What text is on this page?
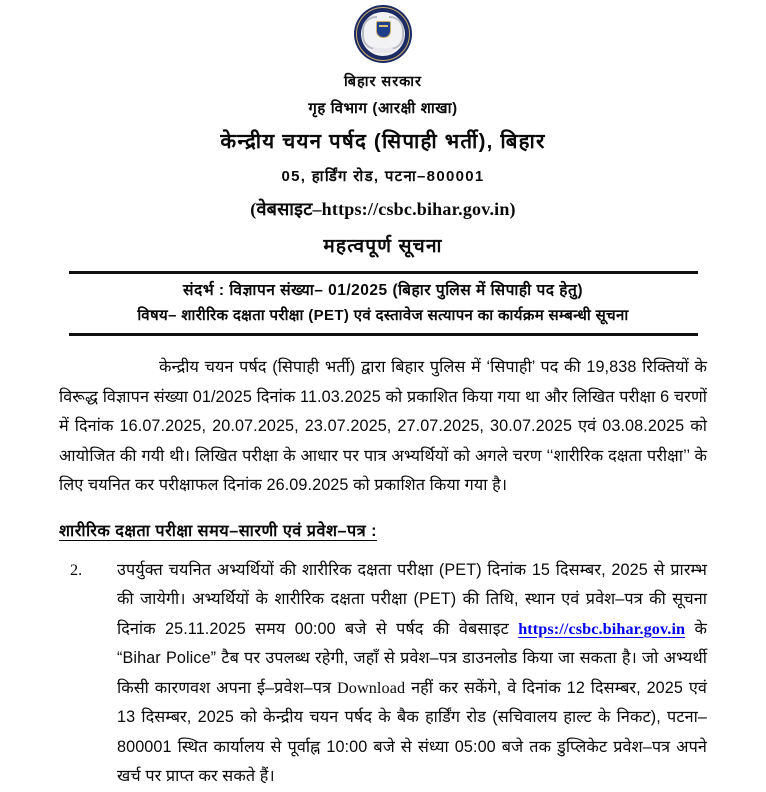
बिहार सरकार
गृह विभाग (आरक्षी शाखा)
केन्द्रीय चयन पर्षद (सिपाही भर्ती), बिहार
05, हार्डिंग रोड, पटना–800001
(वेबसाइट–https://csbc.bihar.gov.in)
महत्वपूर्ण सूचना
संदर्भ : विज्ञापन संख्या– 01/2025 (बिहार पुलिस में सिपाही पद हेतु)
विषय– शारीरिक दक्षता परीक्षा (PET) एवं दस्तावेज सत्यापन का कार्यक्रम सम्बन्धी सूचना

केन्द्रीय चयन पर्षद (सिपाही भर्ती) द्वारा बिहार पुलिस में ‘सिपाही’ पद की 19,838 रिक्तियों के विरूद्ध विज्ञापन संख्या 01/2025 दिनांक 11.03.2025 को प्रकाशित किया गया था और लिखित परीक्षा 6 चरणों में दिनांक 16.07.2025, 20.07.2025, 23.07.2025, 27.07.2025, 30.07.2025 एवं 03.08.2025 को आयोजित की गयी थी। लिखित परीक्षा के आधार पर पात्र अभ्यर्थियों को अगले चरण ‘‘शारीरिक दक्षता परीक्षा’’ के लिए चयनित कर परीक्षाफल दिनांक 26.09.2025 को प्रकाशित किया गया है।

शारीरिक दक्षता परीक्षा समय–सारणी एवं प्रवेश–पत्र :
2.	उपर्युक्त चयनित अभ्यर्थियों की शारीरिक दक्षता परीक्षा (PET) दिनांक 15 दिसम्बर, 2025 से प्रारम्भ की जायेगी। अभ्यर्थियों के शारीरिक दक्षता परीक्षा (PET) की तिथि, स्थान एवं प्रवेश–पत्र की सूचना दिनांक 25.11.2025 समय 00:00 बजे से पर्षद की वेबसाइट https://csbc.bihar.gov.in के “Bihar Police” टैब पर उपलब्ध रहेगी, जहाँ से प्रवेश–पत्र डाउनलोड किया जा सकता है। जो अभ्यर्थी किसी कारणवश अपना ई–प्रवेश–पत्र Download नहीं कर सकेंगे, वे दिनांक 12 दिसम्बर, 2025 एवं 13 दिसम्बर, 2025 को केन्द्रीय चयन पर्षद के बैक हार्डिंग रोड (सचिवालय हाल्ट के निकट), पटना– 800001 स्थित कार्यालय से पूर्वाह्न 10:00 बजे से संध्या 05:00 बजे तक डुप्लिकेट प्रवेश–पत्र अपने खर्च पर प्राप्त कर सकते हैं।
